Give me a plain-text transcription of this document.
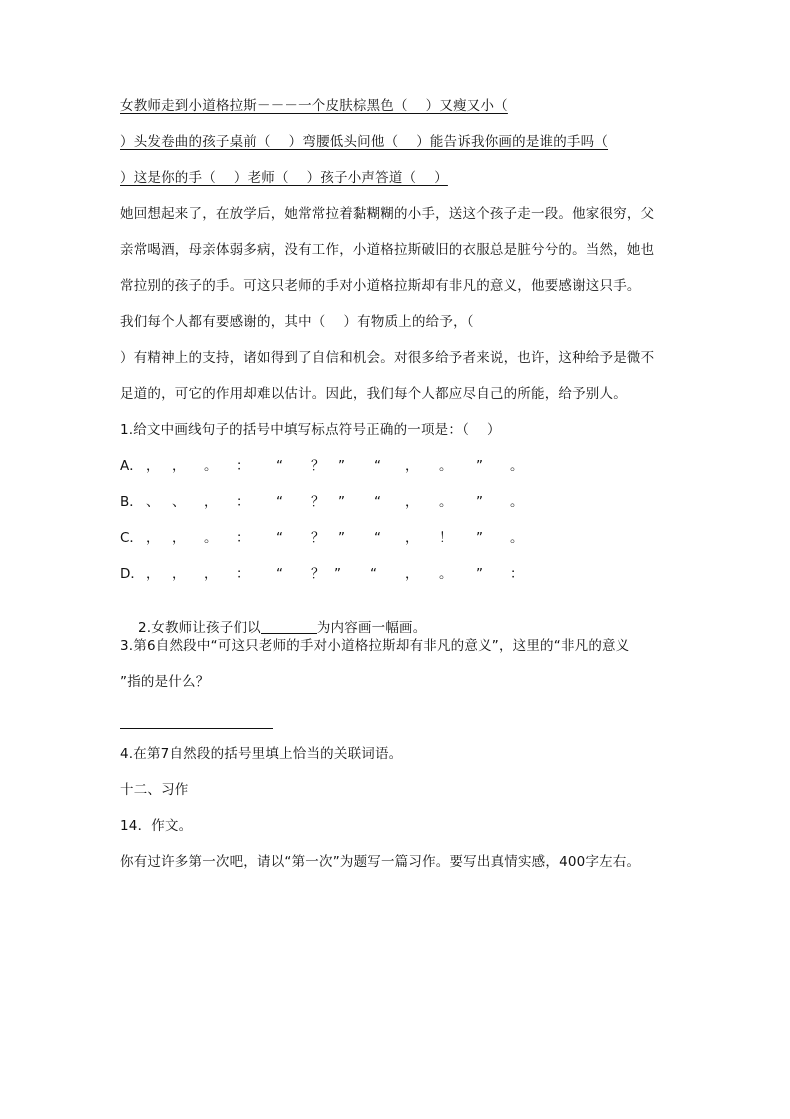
女教师走到小道格拉斯－－－一个皮肤棕黑色（    ）又瘦又小（
）头发卷曲的孩子桌前（    ）弯腰低头问他（    ）能告诉我你画的是谁的手吗（
）这是你的手（    ）老师（    ）孩子小声答道（    ）
她回想起来了，在放学后，她常常拉着黏糊糊的小手，送这个孩子走一段。他家很穷，父
亲常喝酒，母亲体弱多病，没有工作，小道格拉斯破旧的衣服总是脏兮兮的。当然，她也
常拉别的孩子的手。可这只老师的手对小道格拉斯却有非凡的意义，他要感谢这只手。
我们每个人都有要感谢的，其中（    ）有物质上的给予，（
）有精神上的支持，诸如得到了自信和机会。对很多给予者来说，也许，这种给予是微不
足道的，可它的作用却难以估计。因此，我们每个人都应尽自己的所能，给予别人。
1.给文中画线句子的括号中填写标点符号正确的一项是：（    ）
A． ， ， 。 ： “ ？ ” “ ， 。 ” 。
B． 、 、 ， ： “ ？ ” “ ， 。 ” 。
C． ， ， 。 ： “ ？ ” “ ， ！ ” 。
D． ， ， ， ： “ ？ ” “ ， 。 ” ：

2.女教师让孩子们以	为内容画一幅画。

3.第6自然段中“可这只老师的手对小道格拉斯却有非凡的意义”，这里的“非凡的意义
”指的是什么？
4.在第7自然段的括号里填上恰当的关联词语。
十二、习作
14．作文。
你有过许多第一次吧，请以“第一次”为题写一篇习作。要写出真情实感，400字左右。
